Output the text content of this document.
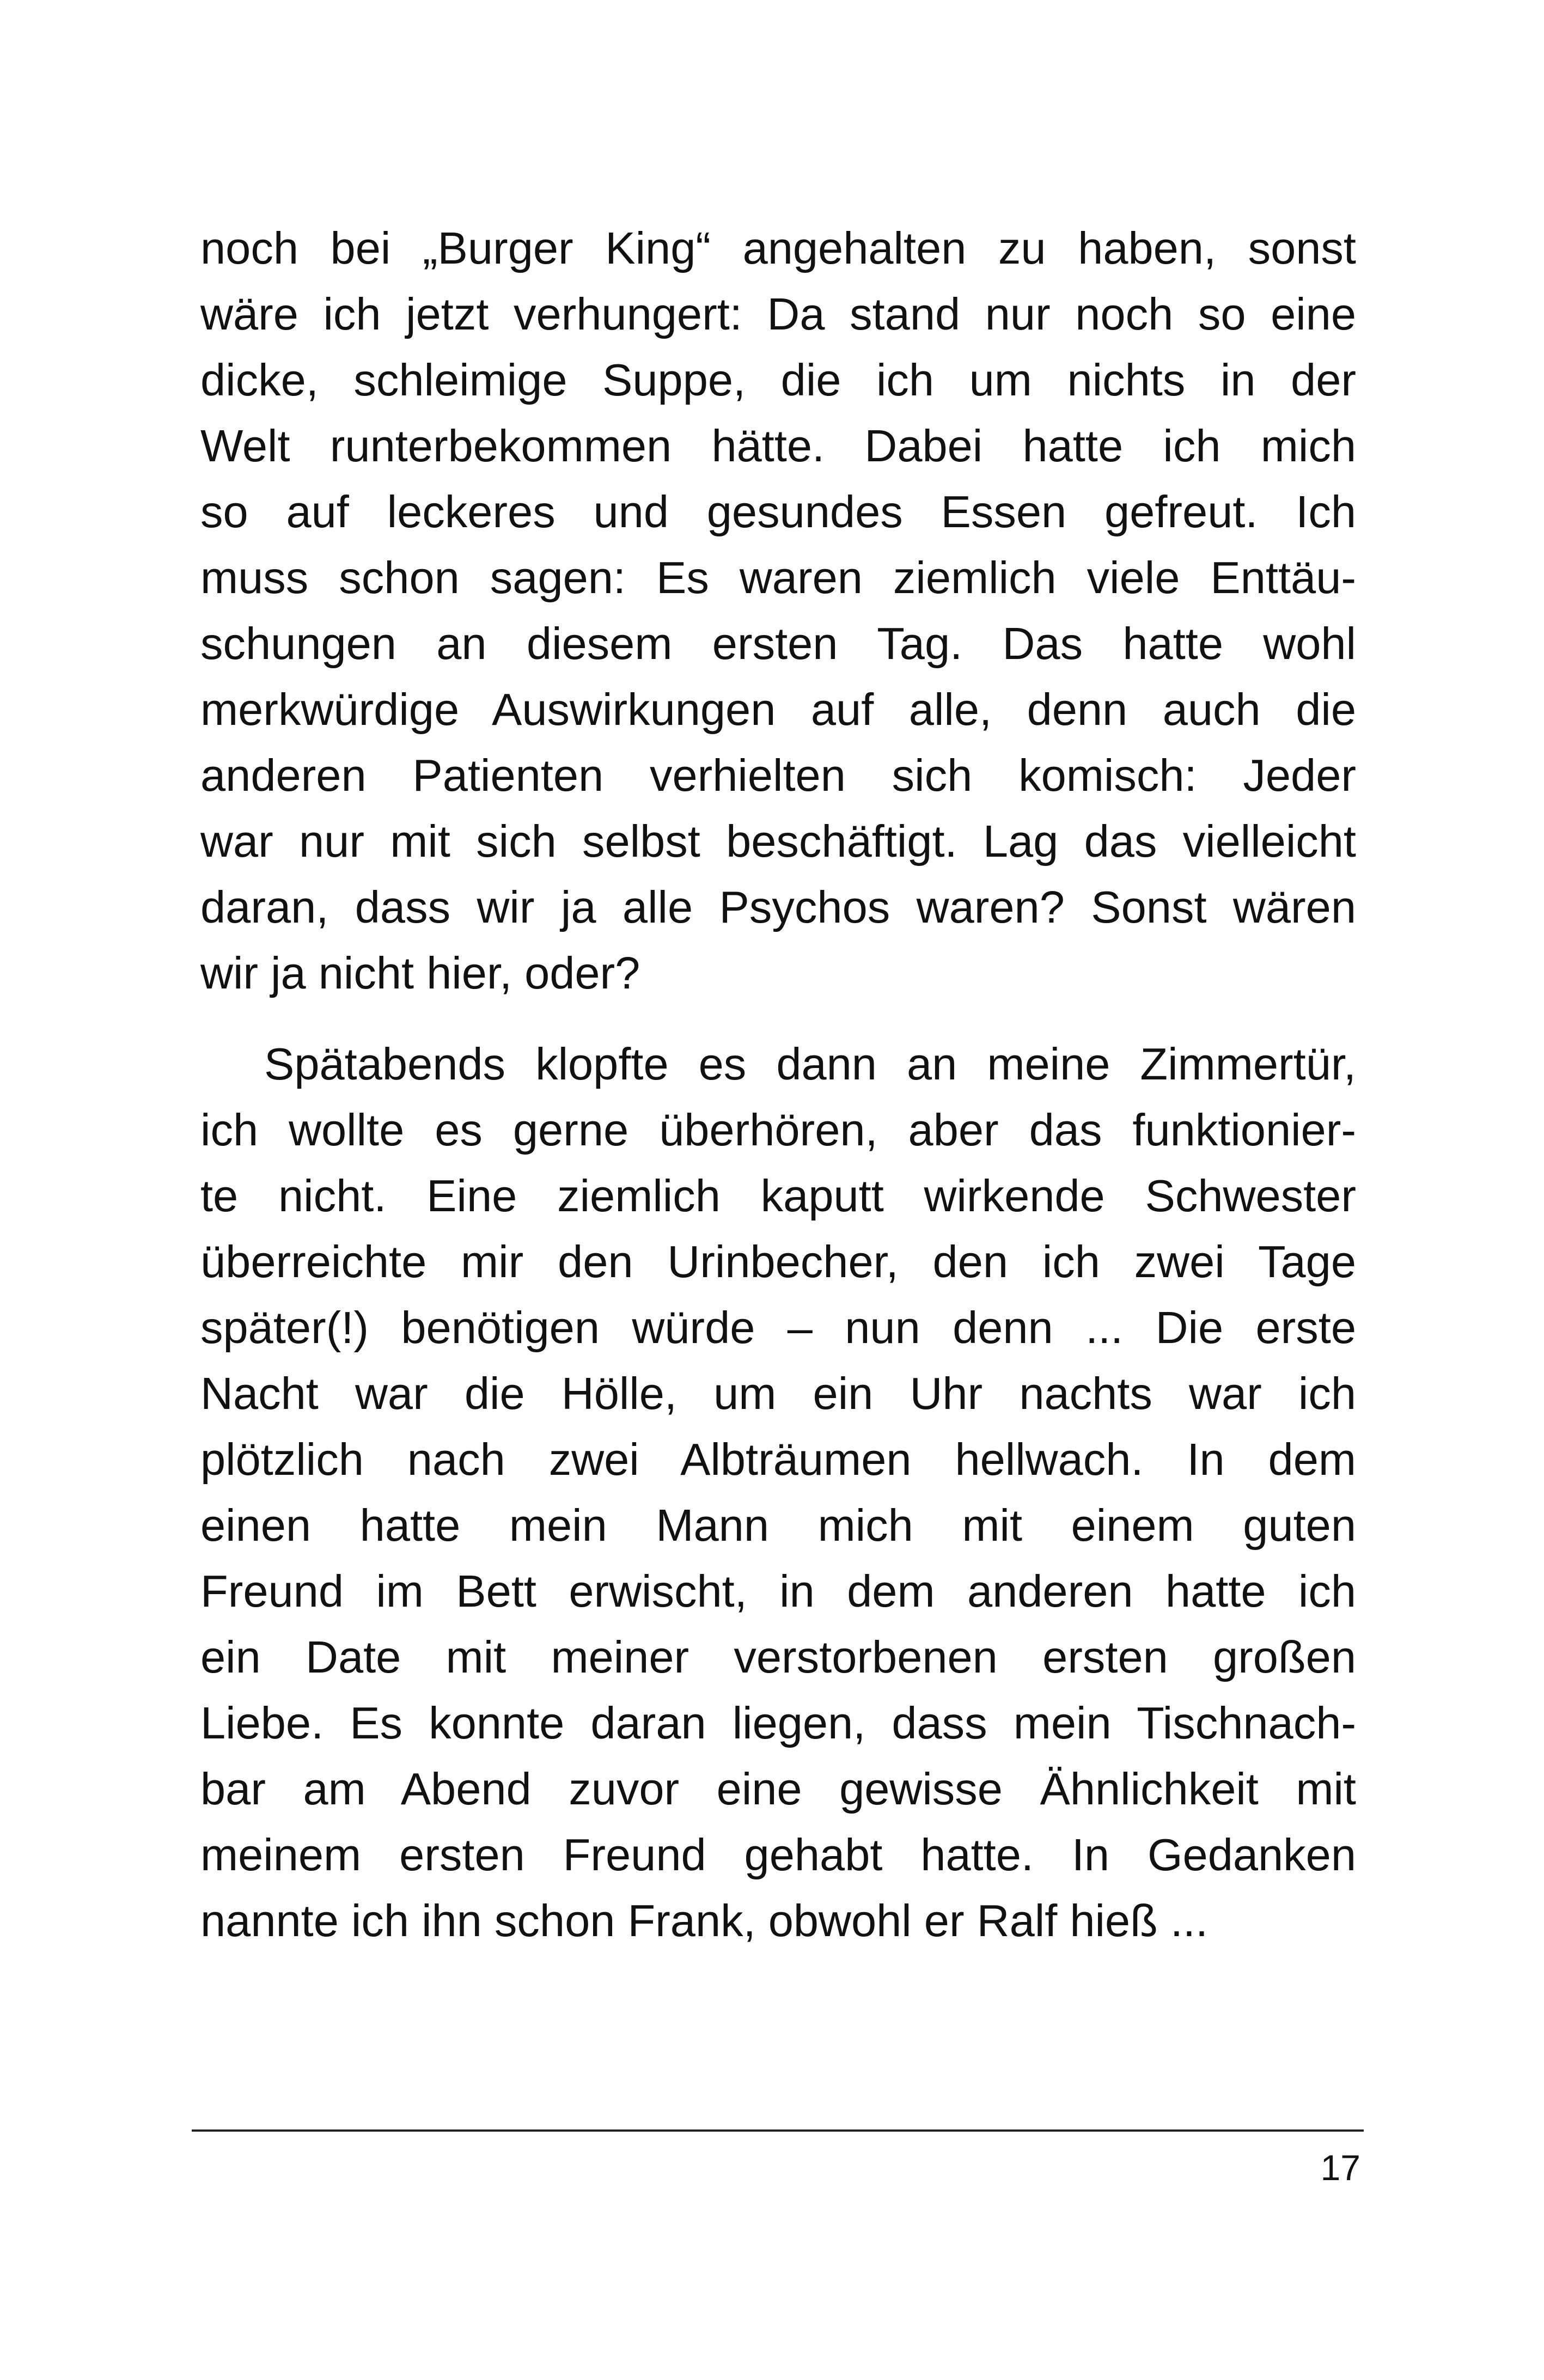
noch bei „Burger King“ angehalten zu haben, sonst
wäre ich jetzt verhungert: Da stand nur noch so eine
dicke, schleimige Suppe, die ich um nichts in der
Welt runterbekommen hätte. Dabei hatte ich mich
so auf leckeres und gesundes Essen gefreut. Ich
muss schon sagen: Es waren ziemlich viele Enttäu-
schungen an diesem ersten Tag. Das hatte wohl
merkwürdige Auswirkungen auf alle, denn auch die
anderen Patienten verhielten sich komisch: Jeder
war nur mit sich selbst beschäftigt. Lag das vielleicht
daran, dass wir ja alle Psychos waren? Sonst wären
wir ja nicht hier, oder?
Spätabends klopfte es dann an meine Zimmertür,
ich wollte es gerne überhören, aber das funktionier-
te nicht. Eine ziemlich kaputt wirkende Schwester
überreichte mir den Urinbecher, den ich zwei Tage
später(!) benötigen würde – nun denn ... Die erste
Nacht war die Hölle, um ein Uhr nachts war ich
plötzlich nach zwei Albträumen hellwach. In dem
einen hatte mein Mann mich mit einem guten
Freund im Bett erwischt, in dem anderen hatte ich
ein Date mit meiner verstorbenen ersten großen
Liebe. Es konnte daran liegen, dass mein Tischnach-
bar am Abend zuvor eine gewisse Ähnlichkeit mit
meinem ersten Freund gehabt hatte. In Gedanken
nannte ich ihn schon Frank, obwohl er Ralf hieß ...
17
